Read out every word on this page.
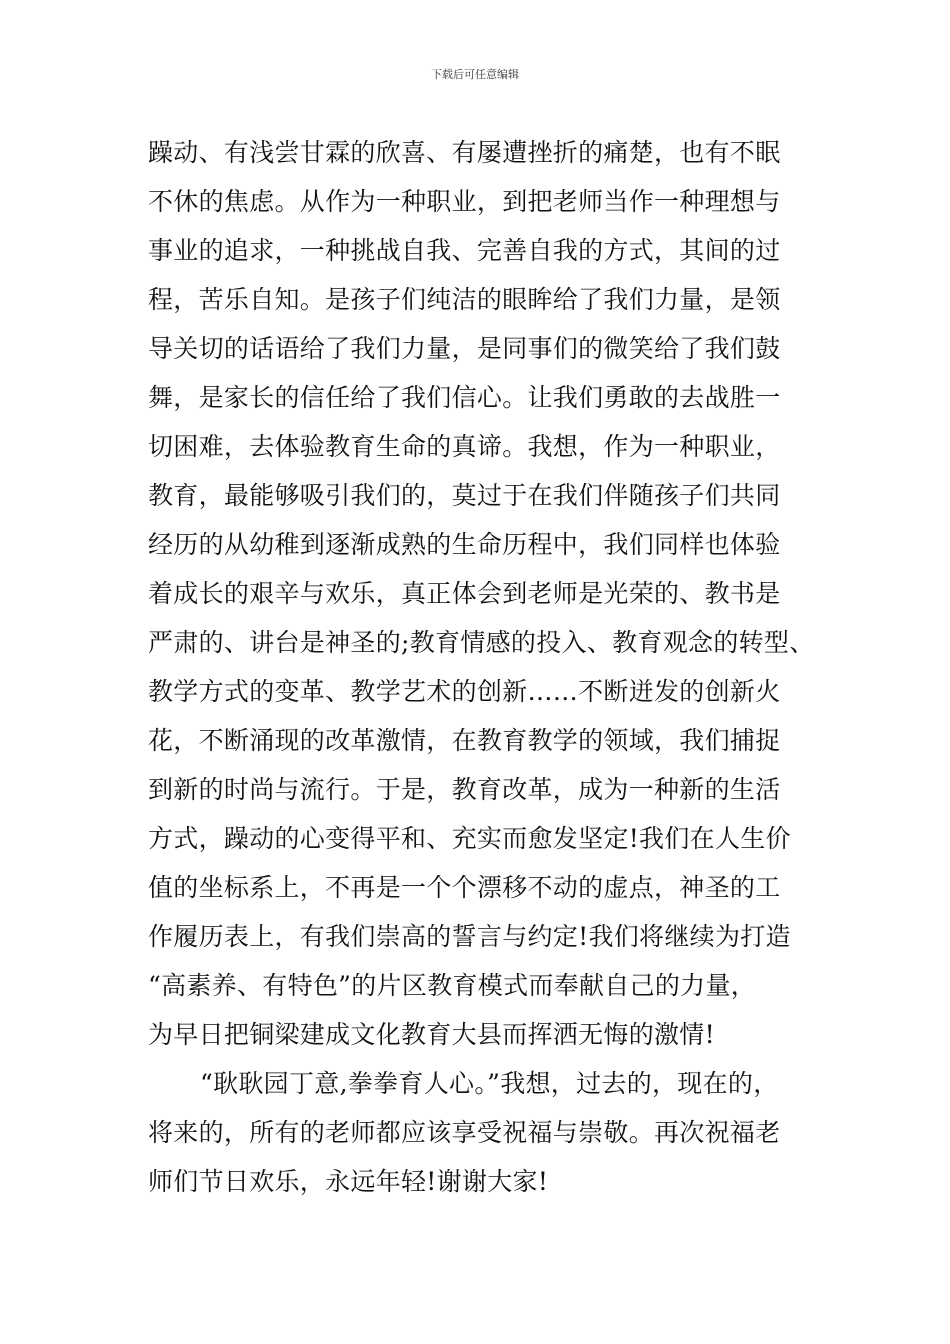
下载后可任意编辑
躁动、有浅尝甘霖的欣喜、有屡遭挫折的痛楚，也有不眠
不休的焦虑。从作为一种职业，到把老师当作一种理想与
事业的追求，一种挑战自我、完善自我的方式，其间的过
程，苦乐自知。是孩子们纯洁的眼眸给了我们力量，是领
导关切的话语给了我们力量，是同事们的微笑给了我们鼓
舞，是家长的信任给了我们信心。让我们勇敢的去战胜一
切困难，去体验教育生命的真谛。我想，作为一种职业，
教育，最能够吸引我们的，莫过于在我们伴随孩子们共同
经历的从幼稚到逐渐成熟的生命历程中，我们同样也体验
着成长的艰辛与欢乐，真正体会到老师是光荣的、教书是
严肃的、讲台是神圣的;教育情感的投入、教育观念的转型、
教学方式的变革、教学艺术的创新……不断迸发的创新火
花，不断涌现的改革激情，在教育教学的领域，我们捕捉
到新的时尚与流行。于是，教育改革，成为一种新的生活
方式，躁动的心变得平和、充实而愈发坚定!我们在人生价
值的坐标系上，不再是一个个漂移不动的虚点，神圣的工
作履历表上，有我们崇高的誓言与约定!我们将继续为打造
“高素养、有特色”的片区教育模式而奉献自己的力量，
为早日把铜梁建成文化教育大县而挥洒无悔的激情!
“耿耿园丁意,拳拳育人心。”我想，过去的，现在的，
将来的，所有的老师都应该享受祝福与崇敬。再次祝福老
师们节日欢乐，永远年轻!谢谢大家!
